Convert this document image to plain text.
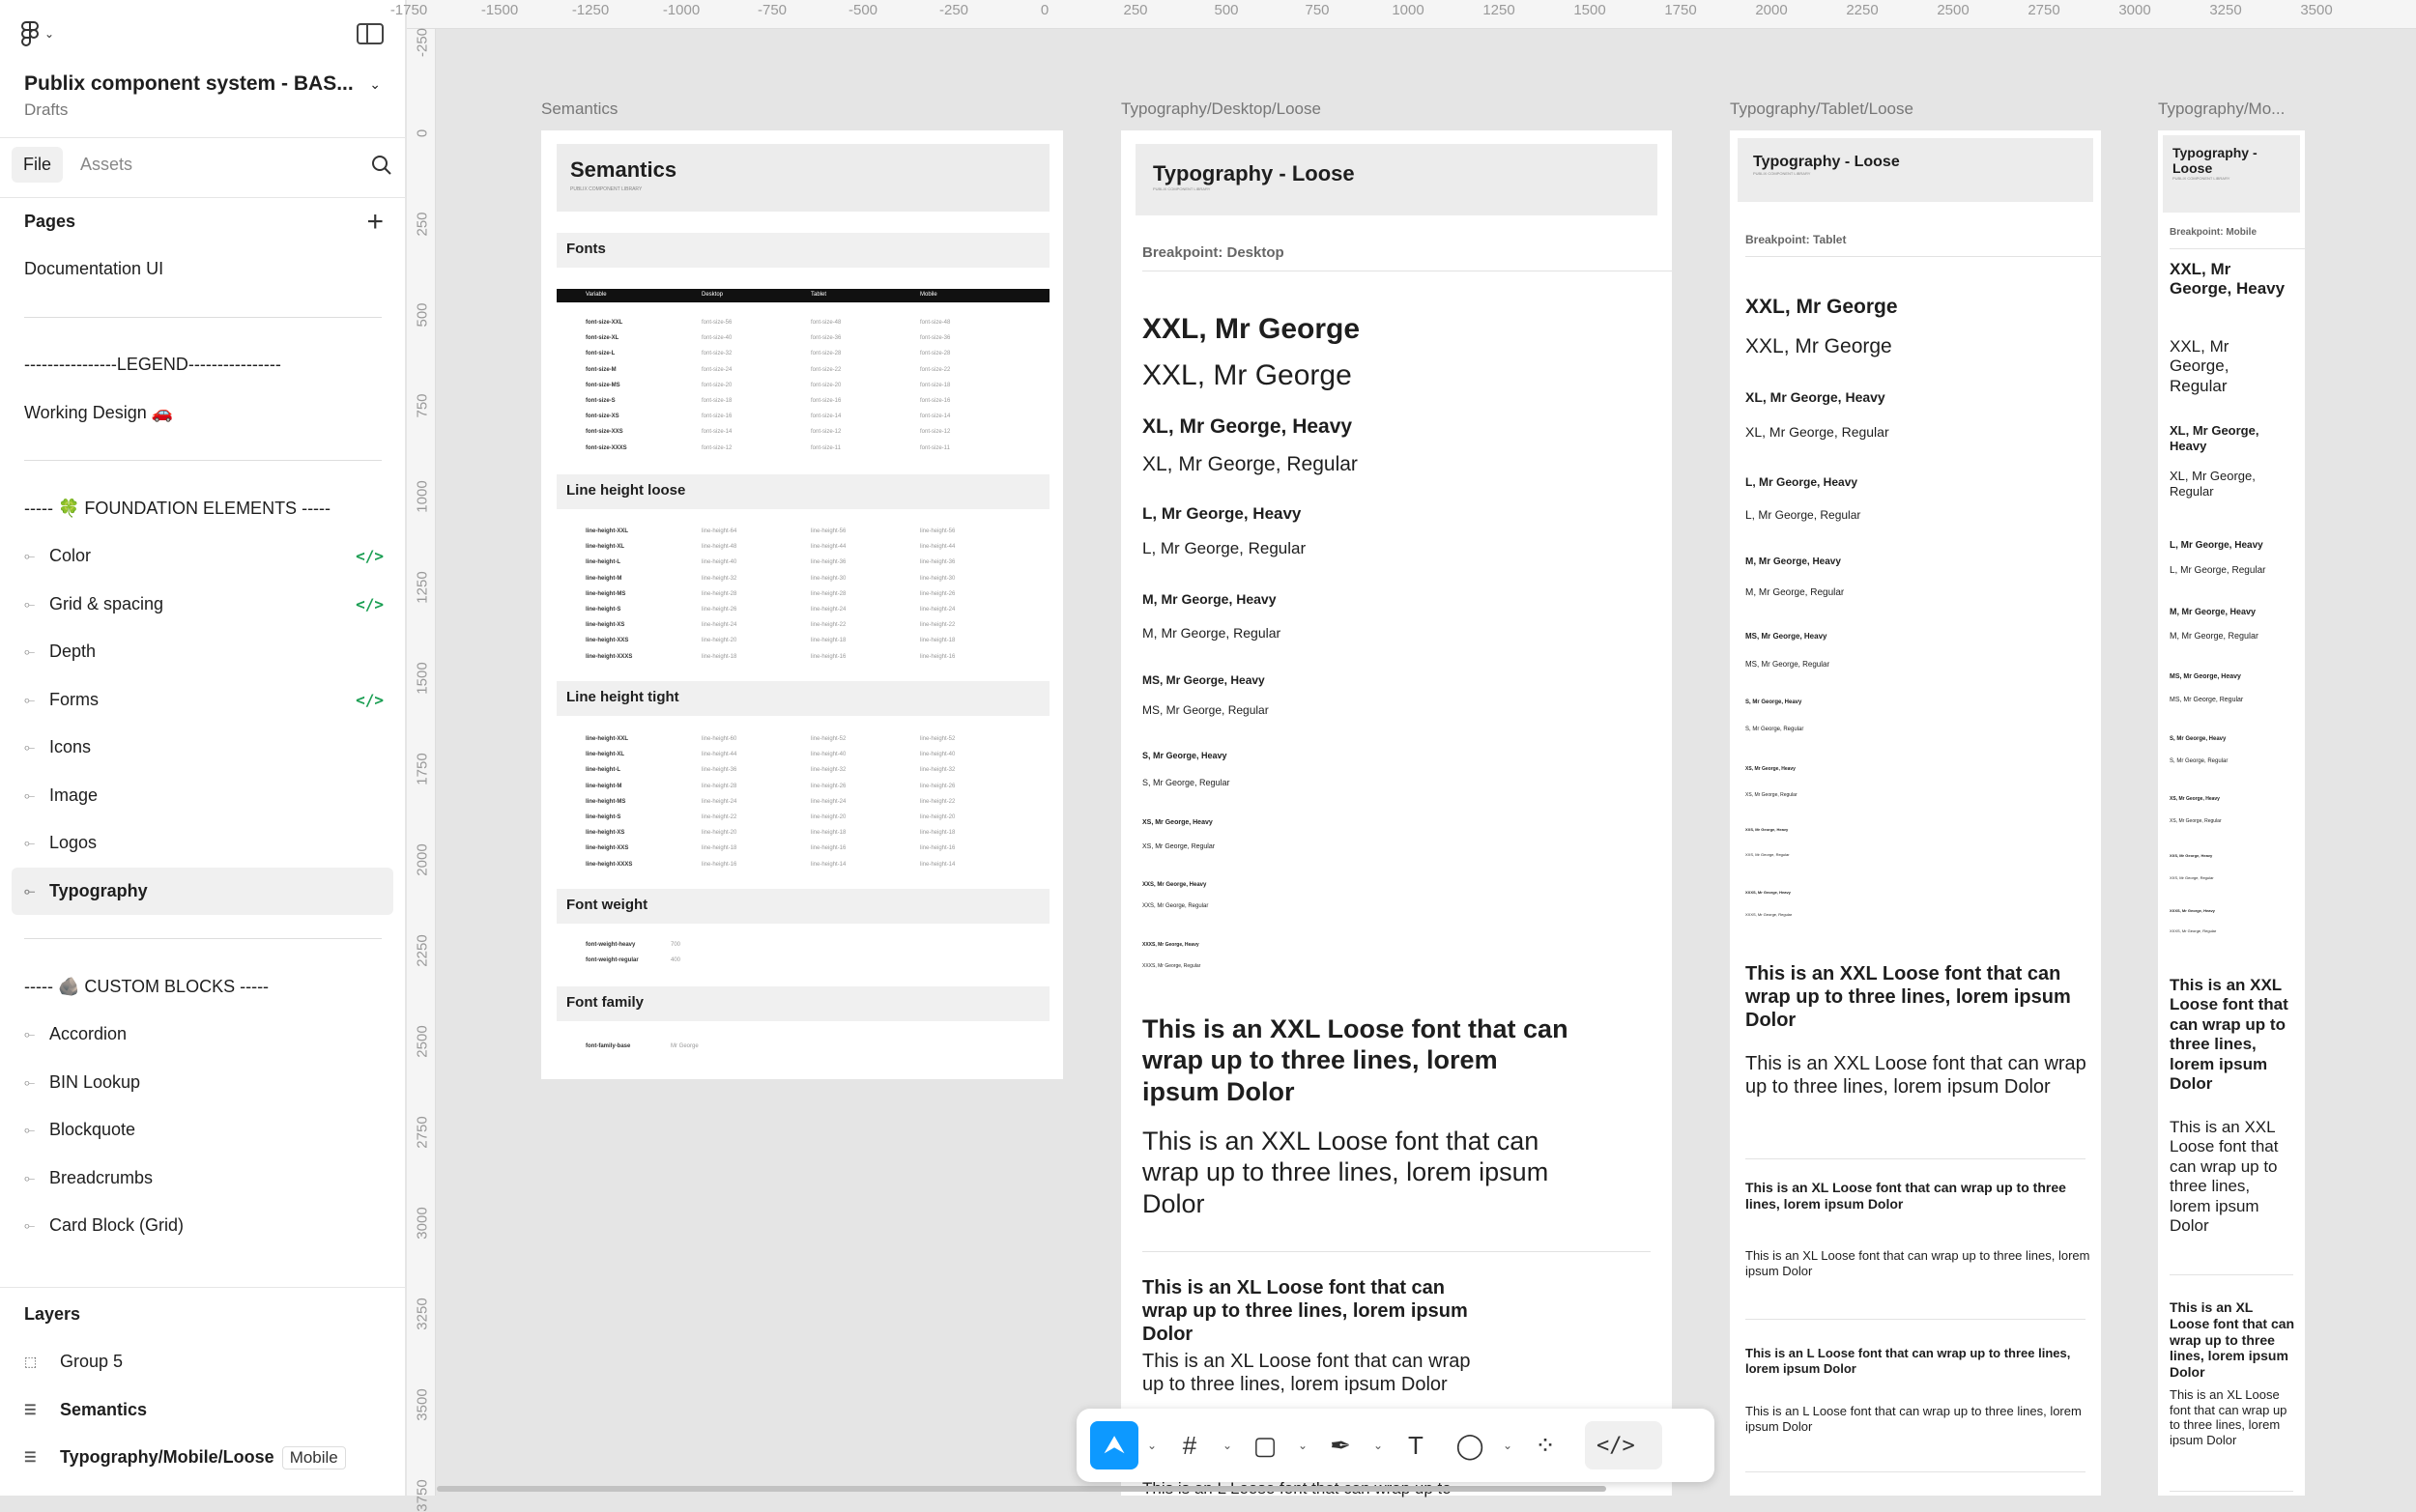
⌄
Publix component system - BAS... ⌄
Drafts
File	Assets
Pages	+
Documentation UI
----------------LEGEND----------------
Working Design 🚗
----- 🍀 FOUNDATION ELEMENTS -----
⟜ Color	</>
⟜ Grid & spacing	</>
⟜ Depth
⟜ Forms	</>
⟜ Icons
⟜ Image
⟜ Logos
⟜ Typography
----- 🪨 CUSTOM BLOCKS -----
⟜ Accordion
⟜ BIN Lookup
⟜ Blockquote
⟜ Breadcrumbs
⟜ Card Block (Grid)
Layers
⬚ Group 5
☰ Semantics
☰ Typography/Mobile/Loose Mobile
-1750	-1500	-1250	-1000	-750	-500	-250	0	250	500	750	1000	1250	1500	1750	2000	2250	2500	2750	3000	3250	3500
-250
0
250
500
750
1000
1250
1500
1750
2000
2250
2500
2750
3000
3250
3500
3750
Semantics
Semantics
PUBLIX COMPONENT LIBRARY
Fonts
Line height loose
Line height tight
Font weight
Font family
Variable	Desktop	Tablet	Mobile
font-size-XXL	font-size-56	font-size-48	font-size-48
font-size-XL	font-size-40	font-size-36	font-size-36
font-size-L	font-size-32	font-size-28	font-size-28
font-size-M	font-size-24	font-size-22	font-size-22
font-size-MS	font-size-20	font-size-20	font-size-18
font-size-S	font-size-18	font-size-16	font-size-16
font-size-XS	font-size-16	font-size-14	font-size-14
font-size-XXS	font-size-14	font-size-12	font-size-12
font-size-XXXS	font-size-12	font-size-11	font-size-11
line-height-XXL	line-height-64	line-height-56	line-height-56
line-height-XL	line-height-48	line-height-44	line-height-44
line-height-L	line-height-40	line-height-36	line-height-36
line-height-M	line-height-32	line-height-30	line-height-30
line-height-MS	line-height-28	line-height-28	line-height-26
line-height-S	line-height-26	line-height-24	line-height-24
line-height-XS	line-height-24	line-height-22	line-height-22
line-height-XXS	line-height-20	line-height-18	line-height-18
line-height-XXXS	line-height-18	line-height-16	line-height-16
line-height-XXL	line-height-60	line-height-52	line-height-52
line-height-XL	line-height-44	line-height-40	line-height-40
line-height-L	line-height-36	line-height-32	line-height-32
line-height-M	line-height-28	line-height-26	line-height-26
line-height-MS	line-height-24	line-height-24	line-height-22
line-height-S	line-height-22	line-height-20	line-height-20
line-height-XS	line-height-20	line-height-18	line-height-18
line-height-XXS	line-height-18	line-height-16	line-height-16
line-height-XXXS	line-height-16	line-height-14	line-height-14
font-weight-heavy	700
font-weight-regular	400
font-family-base	Mr George
Typography/Desktop/Loose
Typography - Loose
PUBLIX COMPONENT LIBRARY
Breakpoint: Desktop
XXL, Mr George
XXL, Mr George
XL, Mr George, Heavy
XL, Mr George, Regular
L, Mr George, Heavy
L, Mr George, Regular
M, Mr George, Heavy
M, Mr George, Regular
MS, Mr George, Heavy
MS, Mr George, Regular
S, Mr George, Heavy
S, Mr George, Regular
XS, Mr George, Heavy
XS, Mr George, Regular
XXS, Mr George, Heavy
XXS, Mr George, Regular
XXXS, Mr George, Heavy
XXXS, Mr George, Regular
This is an XXL Loose font that can wrap up to three lines, lorem ipsum Dolor
This is an XXL Loose font that can wrap up to three lines, lorem ipsum Dolor
This is an XL Loose font that can wrap up to three lines, lorem ipsum Dolor
This is an XL Loose font that can wrap up to three lines, lorem ipsum Dolor
Typography/Tablet/Loose
Typography - Loose
PUBLIX COMPONENT LIBRARY
Breakpoint: Tablet
XXL, Mr George
XXL, Mr George
XL, Mr George, Heavy
XL, Mr George, Regular
L, Mr George, Heavy
L, Mr George, Regular
M, Mr George, Heavy
M, Mr George, Regular
MS, Mr George, Heavy
MS, Mr George, Regular
S, Mr George, Heavy
S, Mr George, Regular
XS, Mr George, Heavy
XS, Mr George, Regular
XXS, Mr George, Heavy
XXS, Mr George, Regular
XXXS, Mr George, Heavy
XXXS, Mr George, Regular
This is an XXL Loose font that can wrap up to three lines, lorem ipsum Dolor
This is an XXL Loose font that can wrap up to three lines, lorem ipsum Dolor
This is an XL Loose font that can wrap up to three lines, lorem ipsum Dolor
This is an XL Loose font that can wrap up to three lines, lorem ipsum Dolor
This is an L Loose font that can wrap up to three lines, lorem ipsum Dolor
This is an L Loose font that can wrap up to three lines, lorem ipsum Dolor
Typography/Mo...
Typography - Loose
PUBLIX COMPONENT LIBRARY
Breakpoint: Mobile
XXL, Mr George, Heavy
XXL, Mr George, Regular
XL, Mr George, Heavy
XL, Mr George, Regular
L, Mr George, Heavy
L, Mr George, Regular
M, Mr George, Heavy
M, Mr George, Regular
MS, Mr George, Heavy
MS, Mr George, Regular
S, Mr George, Heavy
S, Mr George, Regular
XS, Mr George, Heavy
XS, Mr George, Regular
XXS, Mr George, Heavy
XXS, Mr George, Regular
XXXS, Mr George, Heavy
XXXS, Mr George, Regular
This is an XXL Loose font that can wrap up to three lines, lorem ipsum Dolor
This is an XXL Loose font that can wrap up to three lines, lorem ipsum Dolor
This is an XL Loose font that can wrap up to three lines, lorem ipsum Dolor
This is an XL Loose font that can wrap up to three lines, lorem ipsum Dolor
⮝ ⌄ # ⌄ ▢ ⌄ ✒ ⌄ T ◯ ⌄ ⁘ </>
